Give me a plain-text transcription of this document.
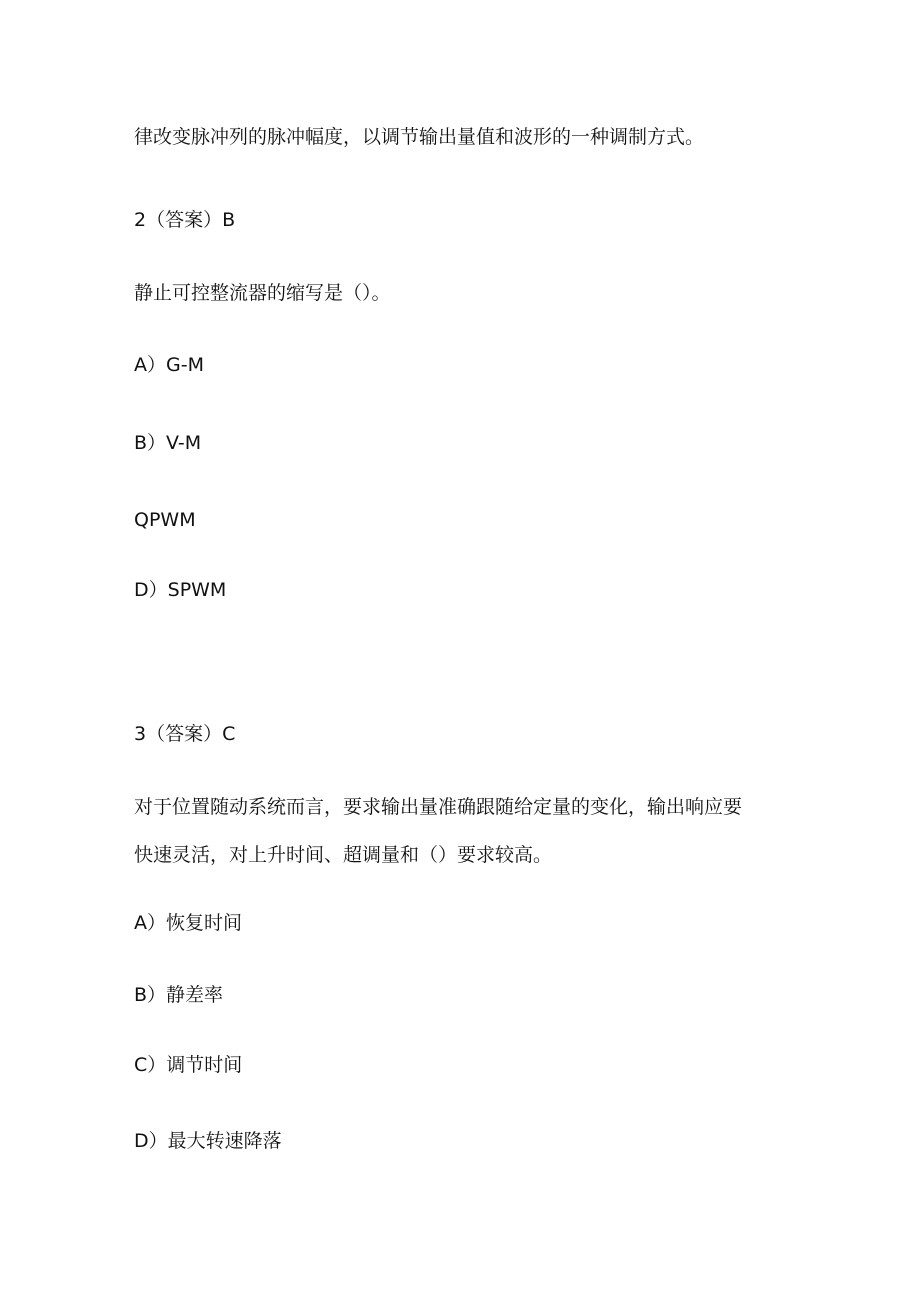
律改变脉冲列的脉冲幅度，以调节输出量值和波形的一种调制方式。

2（答案）B

静止可控整流器的缩写是（）。

A）G-M

B）V-M

QPWM

D）SPWM

3（答案）C

对于位置随动系统而言，要求输出量准确跟随给定量的变化，输出响应要

快速灵活，对上升时间、超调量和（）要求较高。

A）恢复时间

B）静差率

C）调节时间

D）最大转速降落
